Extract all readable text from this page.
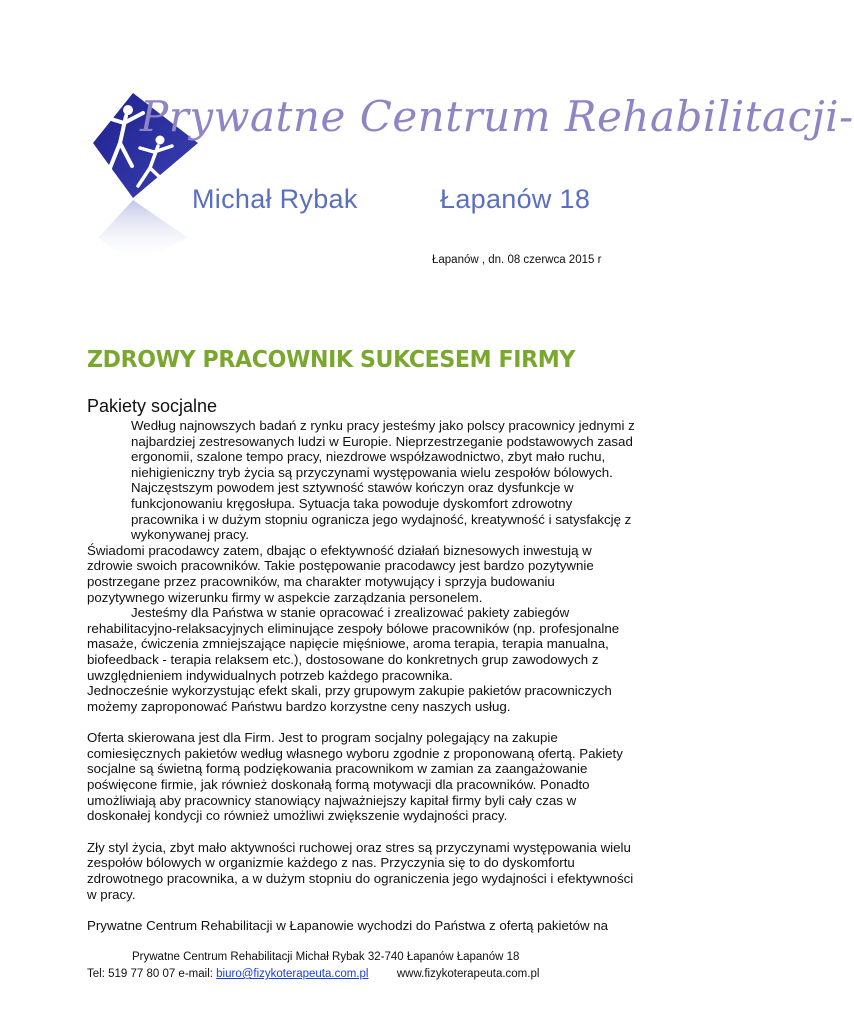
Prywatne Centrum Rehabilitacji-
Michał Rybak	Łapanów 18
Łapanów , dn. 08 czerwca 2015 r
ZDROWY PRACOWNIK SUKCESEM FIRMY
Pakiety socjalne
Według najnowszych badań z rynku pracy jesteśmy jako polscy pracownicy jednymi z
najbardziej zestresowanych ludzi w Europie. Nieprzestrzeganie podstawowych zasad
ergonomii, szalone tempo pracy, niezdrowe współzawodnictwo, zbyt mało ruchu,
niehigieniczny tryb życia są przyczynami występowania wielu zespołów bólowych.
Najczęstszym powodem jest sztywność stawów kończyn oraz dysfunkcje w
funkcjonowaniu kręgosłupa. Sytuacja taka powoduje dyskomfort zdrowotny
pracownika i w dużym stopniu ogranicza jego wydajność, kreatywność i satysfakcję z
wykonywanej pracy.
Świadomi pracodawcy zatem, dbając o efektywność działań biznesowych inwestują w
zdrowie swoich pracowników. Takie postępowanie pracodawcy jest bardzo pozytywnie
postrzegane przez pracowników, ma charakter motywujący i sprzyja budowaniu
pozytywnego wizerunku firmy w aspekcie zarządzania personelem.
Jesteśmy dla Państwa w stanie opracować i zrealizować pakiety zabiegów
rehabilitacyjno-relaksacyjnych eliminujące zespoły bólowe pracowników (np. profesjonalne
masaże, ćwiczenia zmniejszające napięcie mięśniowe, aroma terapia, terapia manualna,
biofeedback - terapia relaksem etc.), dostosowane do konkretnych grup zawodowych z
uwzględnieniem indywidualnych potrzeb każdego pracownika.
Jednocześnie wykorzystując efekt skali, przy grupowym zakupie pakietów pracowniczych
możemy zaproponować Państwu bardzo korzystne ceny naszych usług.
Oferta skierowana jest dla Firm. Jest to program socjalny polegający na zakupie
comiesięcznych pakietów według własnego wyboru zgodnie z proponowaną ofertą. Pakiety
socjalne są świetną formą podziękowania pracownikom w zamian za zaangażowanie
poświęcone firmie, jak również doskonałą formą motywacji dla pracowników. Ponadto
umożliwiają aby pracownicy stanowiący najważniejszy kapitał firmy byli cały czas w
doskonałej kondycji co również umożliwi zwiększenie wydajności pracy.
Zły styl życia, zbyt mało aktywności ruchowej oraz stres są przyczynami występowania wielu
zespołów bólowych w organizmie każdego z nas. Przyczynia się to do dyskomfortu
zdrowotnego pracownika, a w dużym stopniu do ograniczenia jego wydajności i efektywności
w pracy.
Prywatne Centrum Rehabilitacji w Łapanowie wychodzi do Państwa z ofertą pakietów na
Prywatne Centrum Rehabilitacji Michał Rybak 32-740 Łapanów Łapanów 18
Tel: 519 77 80 07 e-mail: biuro@fizykoterapeuta.com.pl www.fizykoterapeuta.com.pl
